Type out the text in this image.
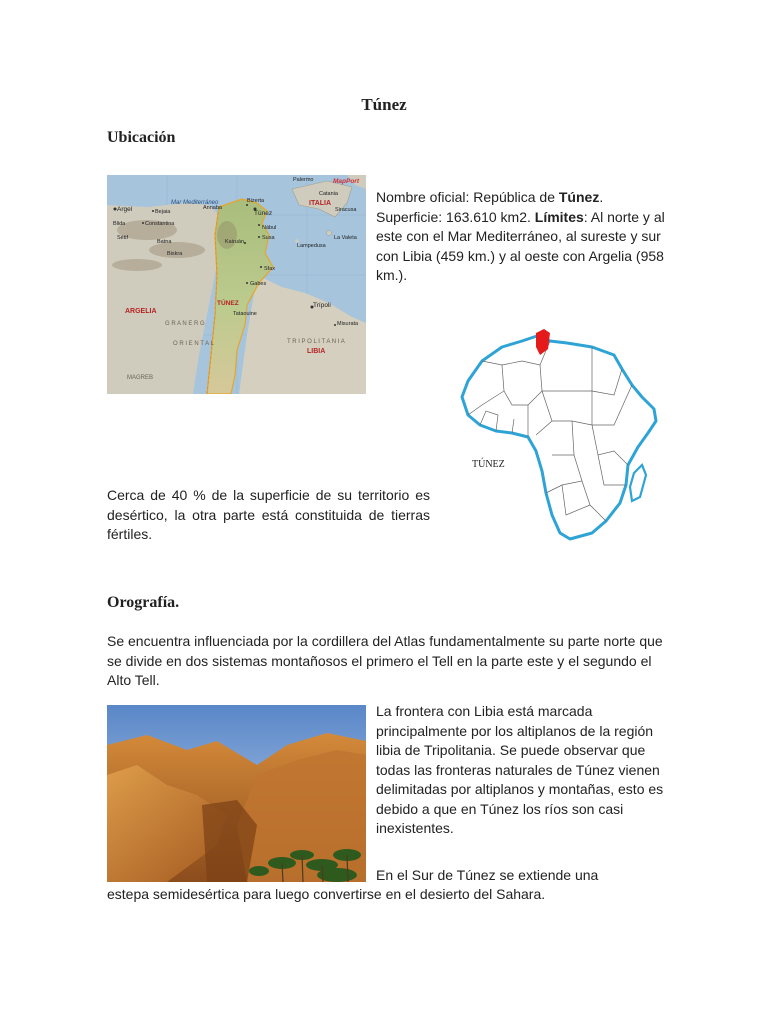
Túnez
Ubicación
Mar Mediterráneo
MapPort
ITALIA
ARGELIA
TÚNEZ
LIBIA
Palermo
Catania
Siracusa
La Valeta
Lampedusa
Bizerta
Túnez
Nábul
Susa
Kairuán
Sfax
Gabes
Tataouine
Trípoli
Misurata
Argel	Bejaia
Constantina
Annaba
Blida
Sétif
Batna
Biskra
G R A N E R G
O R I E N T A L	T R I P O L I T A N I A
MAGREB
Nombre oficial: República de Túnez.
Superficie: 163.610 km2. Límites: Al norte y al este con el Mar Mediterráneo, al sureste y sur con Libia (459 km.) y al oeste con Argelia (958 km.).
TÚNEZ
Cerca de 40 % de la superficie de su territorio es desértico, la otra parte está constituida de tierras fértiles.
Orografía.
Se encuentra influenciada por la cordillera del Atlas fundamentalmente su parte norte que se divide en dos sistemas montañosos el primero el Tell en la parte este y el segundo el Alto Tell.
La frontera con Libia está marcada principalmente por los altiplanos de la región libia de Tripolitania. Se puede observar que todas las fronteras naturales de Túnez vienen delimitadas por altiplanos y montañas, esto es debido a que en Túnez los ríos son casi inexistentes.
En el Sur de Túnez se extiende una
estepa semidesértica para luego convertirse en el desierto del Sahara.
